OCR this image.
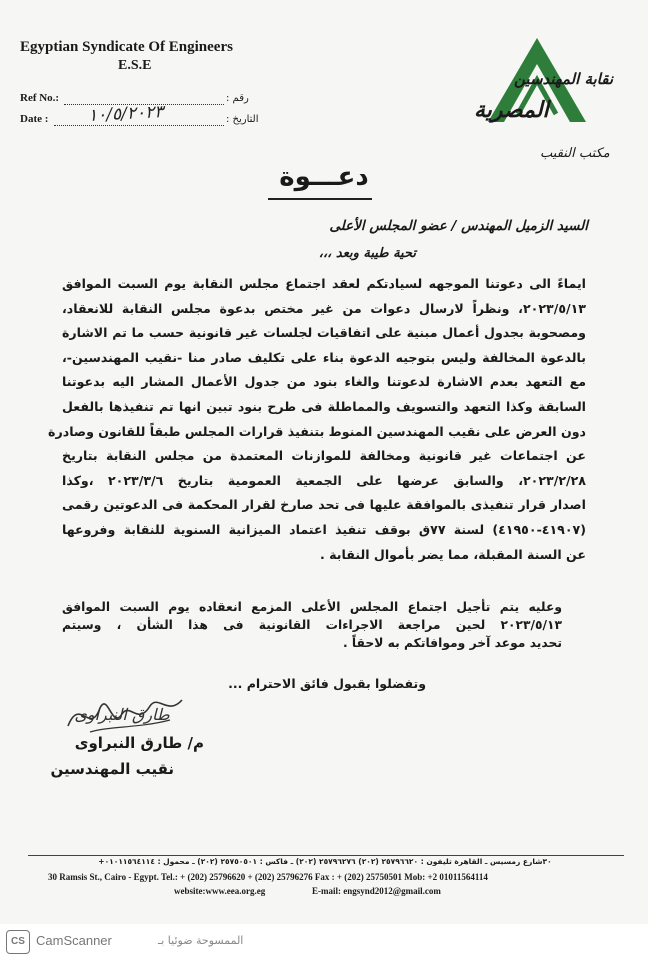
Egyptian Syndicate Of Engineers
E.S.E
Ref No.:	رقم :
Date :	التاريخ :
١٠/٥/٢٠٢٣
نقابة المهندسين
المصرية
مكتب النقيب
دعـــوة
السيد الزميل المهندس / عضو المجلس الأعلى
تحية طيبة وبعد ،،،
ايماءً الى دعوتنا الموجهه لسيادتكم لعقد اجتماع مجلس النقابة يوم السبت الموافق
٢٠٢٣/٥/١٣، ونظراً لارسال دعوات من غير مختص بدعوة مجلس النقابة للانعقاد،
ومصحوبة بجدول أعمال مبنية على اتفاقيات لجلسات غير قانونية حسب ما تم الاشارة
بالدعوة المخالفة وليس بتوجيه الدعوة بناء على تكليف صادر منا -نقيب المهندسين-،
مع التعهد بعدم الاشارة لدعوتنا والغاء بنود من جدول الأعمال المشار اليه بدعوتنا
السابقة وكذا التعهد والتسويف والمماطلة فى طرح بنود تبين انها تم تنفيذها بالفعل
دون العرض على نقيب المهندسين المنوط بتنفيذ قرارات المجلس طبقاً للقانون وصادرة
عن اجتماعات غير قانونية ومخالفة للموازنات المعتمدة من مجلس النقابة بتاريخ
٢٠٢٣/٢/٢٨، والسابق عرضها على الجمعية العمومية بتاريخ ٢٠٢٣/٣/٦ ،وكذا
اصدار قرار تنفيذى بالموافقة عليها فى تحد صارخ لقرار المحكمة فى الدعوتين رقمى
(٤١٩٠٧-٤١٩٥٠) لسنة ٧٧ق بوقف تنفيذ اعتماد الميزانية السنوية للنقابة وفروعها
عن السنة المقبلة، مما يضر بأموال النقابة .
وعليه يتم تأجيل اجتماع المجلس الأعلى المزمع انعقاده يوم السبت الموافق
٢٠٢٣/٥/١٣ لحين مراجعة الاجراءات القانونية فى هذا الشأن ، وسيتم
تحديد موعد آخر وموافاتكم به لاحقاً .
وتفضلوا بقبول فائق الاحترام ...
طارق النبراوى
م/ طارق النبراوى
نقيب المهندسين
٣٠شارع رمسيس ـ القاهرة تليفون : ٢٥٧٩٦٦٢٠ (٢٠٢) ٢٥٧٩٦٢٧٦ (٢٠٢) ـ فاكس : ٢٥٧٥٠٥٠١ (٢٠٢) ـ محمول : ٠١٠١١٥٦٤١١٤+
30 Ramsis St., Cairo - Egypt. Tel.: + (202) 25796620 + (202) 25796276 Fax : + (202) 25750501 Mob: +2 01011564114
website:www.eea.org.eg	E-mail: engsynd2012@gmail.com
CS CamScanner	الممسوحة ضوئيا بـ
